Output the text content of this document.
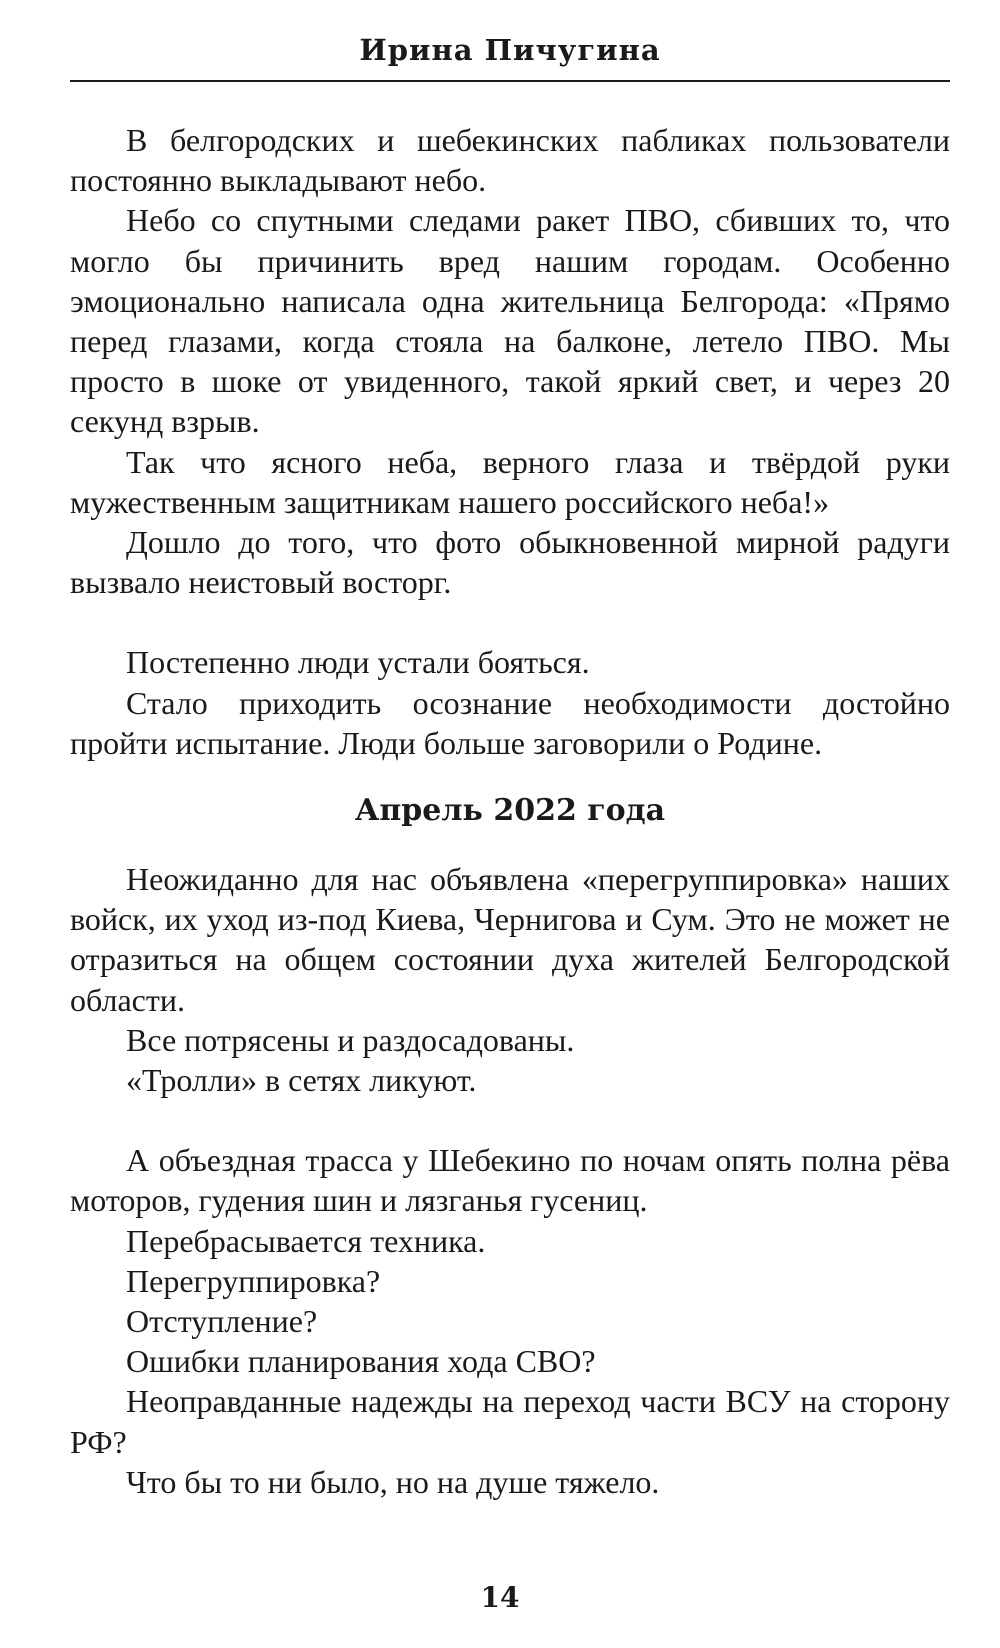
Ирина Пичугина

В белгородских и шебекинских пабликах пользователи постоянно выкладывают небо.

Небо со спутными следами ракет ПВО, сбивших то, что могло бы причинить вред нашим городам. Особенно эмоционально написала одна жительница Белгорода: «Прямо перед глазами, когда стояла на балконе, летело ПВО. Мы просто в шоке от увиденного, такой яркий свет, и через 20 секунд взрыв.

Так что ясного неба, верного глаза и твёрдой руки мужественным защитникам нашего российского неба!»

Дошло до того, что фото обыкновенной мирной радуги вызвало неистовый восторг.

Постепенно люди устали бояться.

Стало приходить осознание необходимости достойно пройти испытание. Люди больше заговорили о Родине.

Апрель 2022 года

Неожиданно для нас объявлена «перегруппировка» наших войск, их уход из-под Киева, Чернигова и Сум. Это не может не отразиться на общем состоянии духа жителей Белгородской области.

Все потрясены и раздосадованы.

«Тролли» в сетях ликуют.

А объездная трасса у Шебекино по ночам опять полна рёва моторов, гудения шин и лязганья гусениц.

Перебрасывается техника.

Перегруппировка?

Отступление?

Ошибки планирования хода СВО?

Неоправданные надежды на переход части ВСУ на сторону РФ?

Что бы то ни было, но на душе тяжело.

14
